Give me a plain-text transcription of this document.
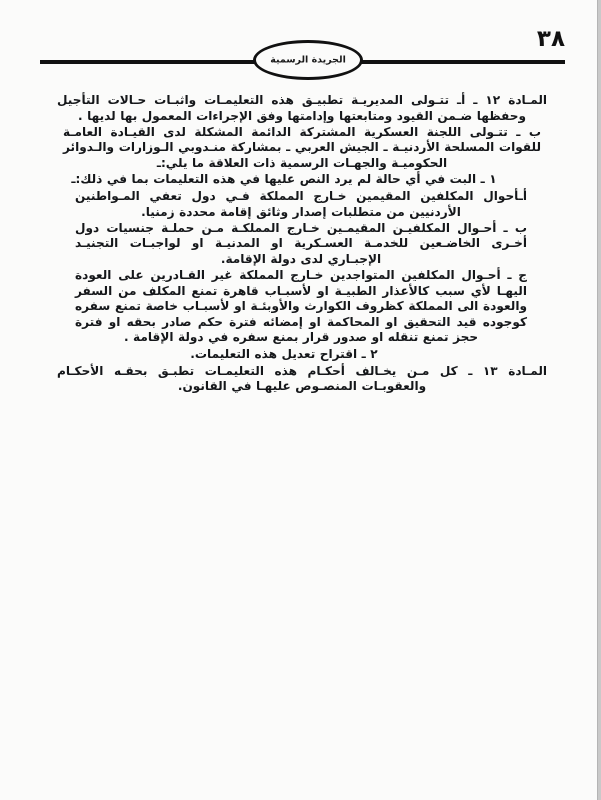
الجريدة الرسمية
٣٨
المـادة ١٢ ـ أـ تتـولى المديريـة تطبيـق هذه التعليمـات واثبـات حـالات التأجيل وحفظها ضـمن القيود ومتابعتها وإدامتها وفق الإجراءات المعمول بها لديها .
ب ـ تتـولى اللجنة العسكرية المشتركة الدائمة المشكلة لدى القيـادة العامـة للقوات المسلحة الأردنيـة ـ الجيش العربي ـ بمشاركة منـدوبي الـوزارات والـدوائر الحكوميـة والجهـات الرسمية ذات العلاقة ما يلي:ـ
١ ـ البت في أي حالة لم يرد النص عليها في هذه التعليمات بما في ذلك:ـ
أـأحوال المكلفين المقيمين خـارج المملكة فـي دول تعفي المـواطنين الأردنيين من متطلبات إصدار وثائق إقامة محددة زمنيا.
ب ـ أحـوال المكلفيـن المقيمـين خـارج المملكـة مـن حملـة جنسيات دول أخـرى الخاضـعين للخدمـة العسـكرية او المدنيـة او لواجبـات التجنيـد الإجبـاري لدى دولة الإقامة.
ج ـ أحـوال المكلفين المتواجدين خـارج المملكة غير القـادرين على العودة اليهـا لأي سبب كالأعذار الطبيـة او لأسبـاب قاهرة تمنع المكلف من السفر والعودة الى المملكة كظروف الكوارث والأوبئـة او لأسبـاب خاصة تمنع سفره كوجوده قيد التحقيق او المحاكمة او إمضائه فترة حكم صادر بحقه او فترة حجز تمنع تنقله او صدور قرار بمنع سفره في دولة الإقامة .
٢ ـ اقتراح تعديل هذه التعليمات.
المـادة ١٣ ـ كل مـن يخـالف أحكـام هذه التعليمـات تطبـق بحقـه الأحكـام والعقوبـات المنصـوص عليهـا في القانون.
